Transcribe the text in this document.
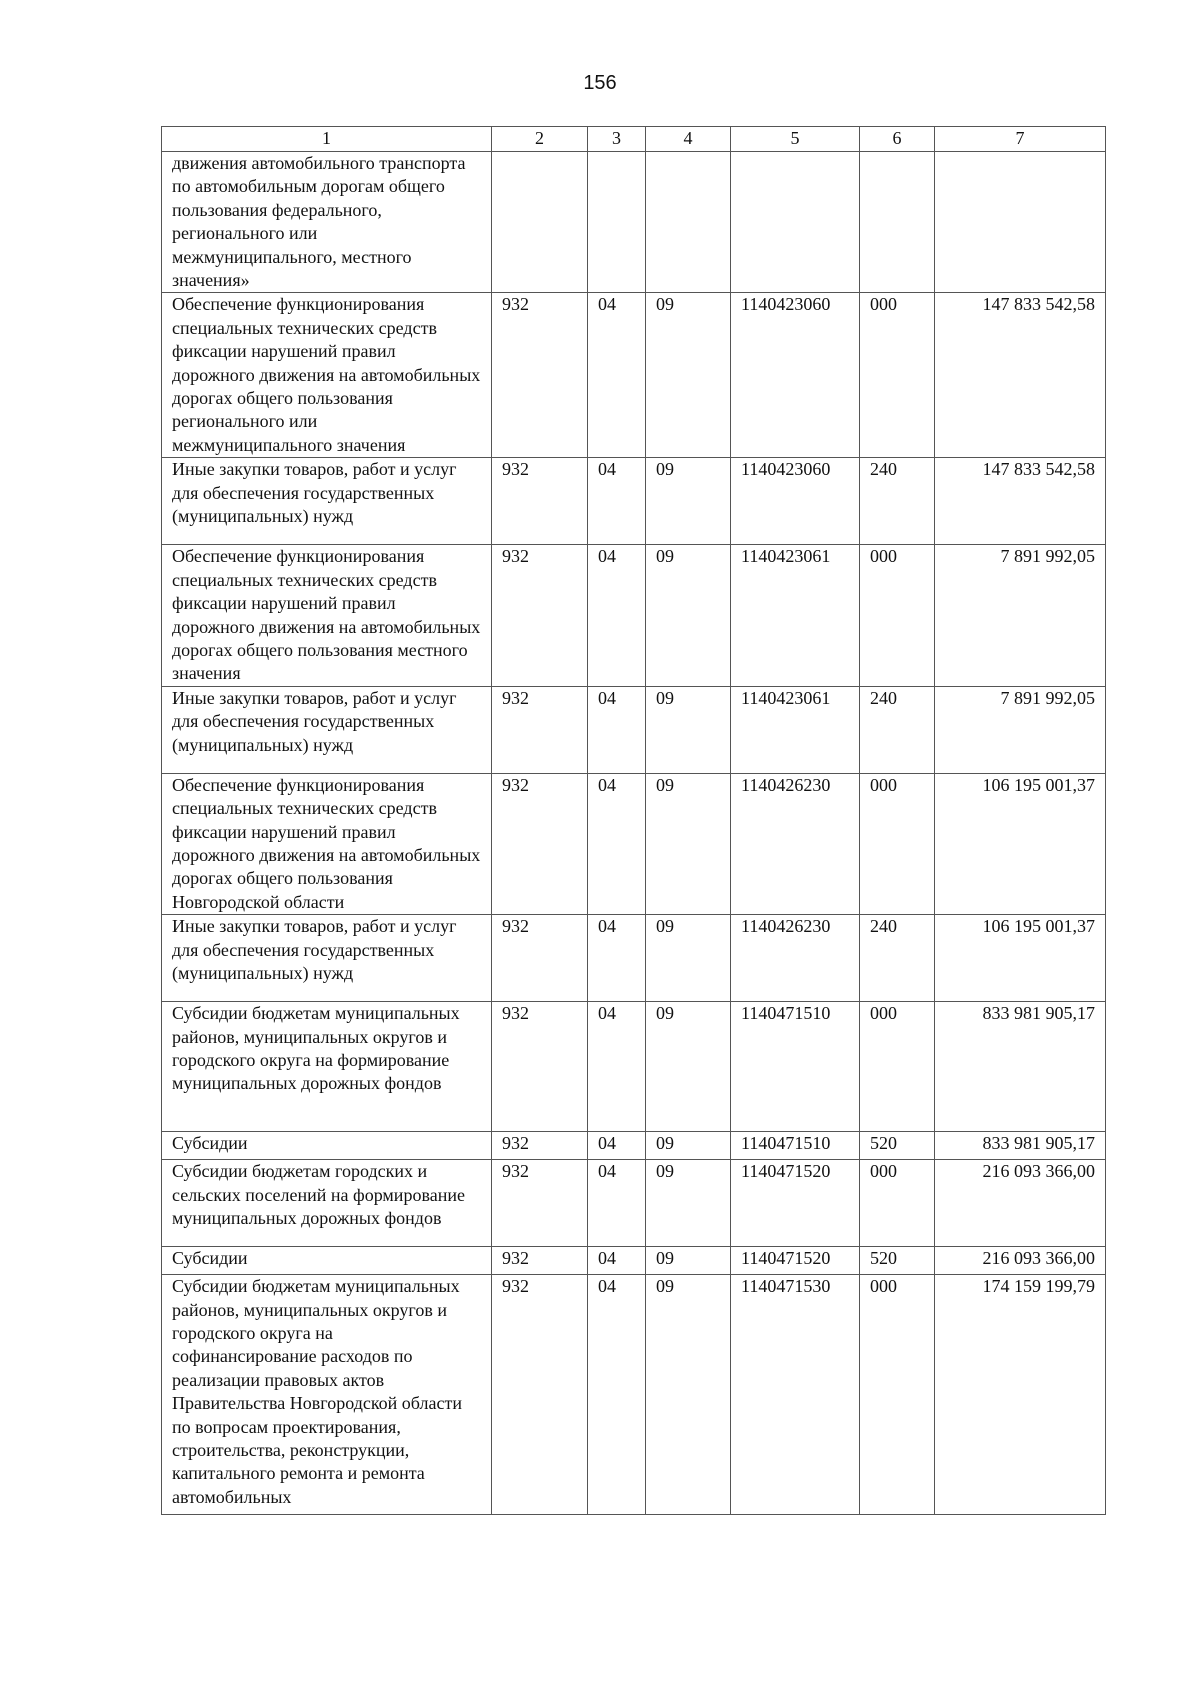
156
1	2	3	4	5	6	7
движения автомобильного транспорта по автомобильным дорогам общего пользования федерального, регионального или межмуниципального, местного значения»						
Обеспечение функционирования специальных технических средств фиксации нарушений правил дорожного движения на автомобильных дорогах общего пользования регионального или межмуниципального значения	932	04	09	1140423060	000	147 833 542,58
Иные закупки товаров, работ и услуг для обеспечения государственных (муниципальных) нужд	932	04	09	1140423060	240	147 833 542,58
Обеспечение функционирования специальных технических средств фиксации нарушений правил дорожного движения на автомобильных дорогах общего пользования местного значения	932	04	09	1140423061	000	7 891 992,05
Иные закупки товаров, работ и услуг для обеспечения государственных (муниципальных) нужд	932	04	09	1140423061	240	7 891 992,05
Обеспечение функционирования специальных технических средств фиксации нарушений правил дорожного движения на автомобильных дорогах общего пользования Новгородской области	932	04	09	1140426230	000	106 195 001,37
Иные закупки товаров, работ и услуг для обеспечения государственных (муниципальных) нужд	932	04	09	1140426230	240	106 195 001,37
Субсидии бюджетам муниципальных районов, муниципальных округов и городского округа на формирование муниципальных дорожных фондов	932	04	09	1140471510	000	833 981 905,17
Субсидии	932	04	09	1140471510	520	833 981 905,17
Субсидии бюджетам городских и сельских поселений на формирование муниципальных дорожных фондов	932	04	09	1140471520	000	216 093 366,00
Субсидии	932	04	09	1140471520	520	216 093 366,00
Субсидии бюджетам муниципальных районов, муниципальных округов и городского округа на софинансирование расходов по реализации правовых актов Правительства Новгородской области по вопросам проектирования, строительства, реконструкции, капитального ремонта и ремонта автомобильных	932	04	09	1140471530	000	174 159 199,79
